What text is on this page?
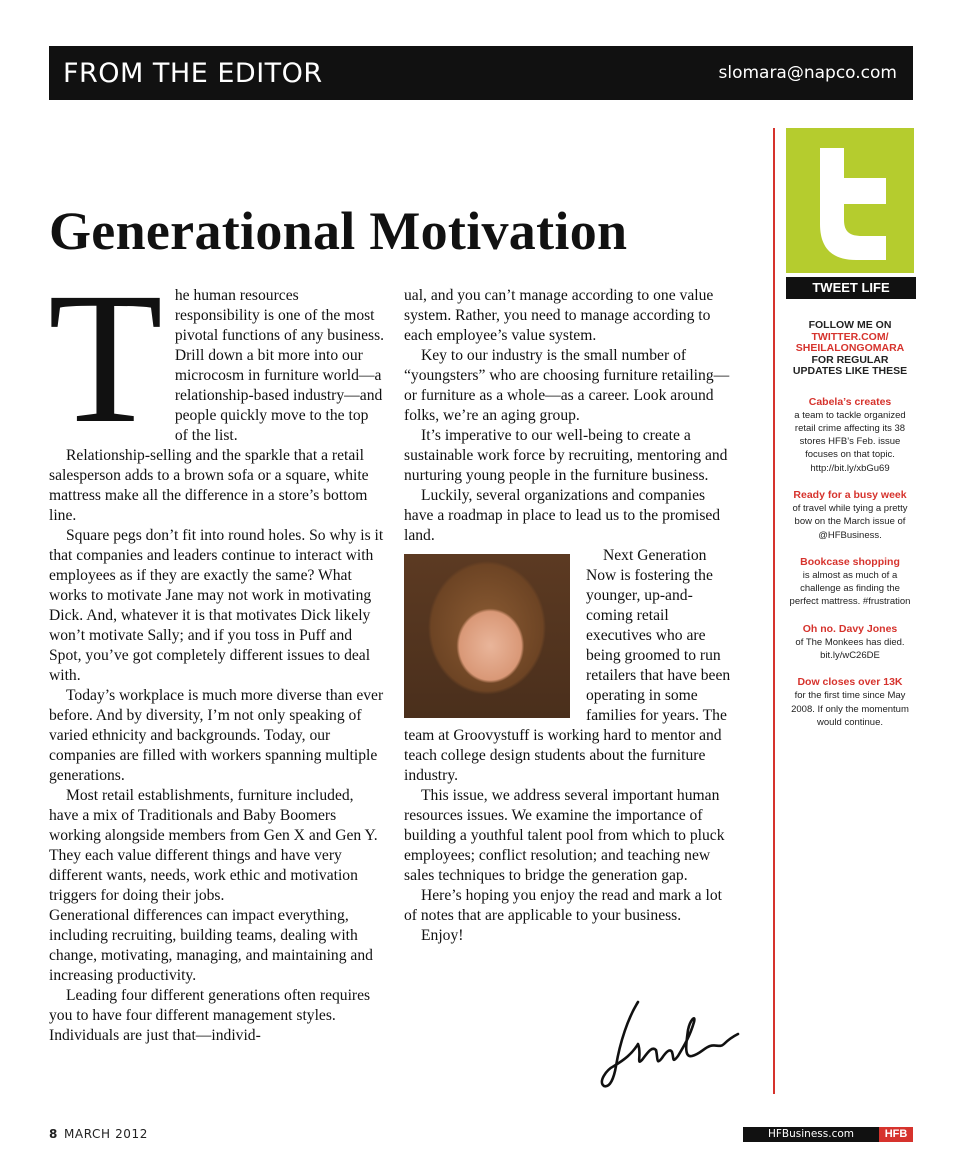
FROM THE EDITOR	slomara@napco.com
Generational Motivation
T he human resources responsibility is one of the most pivotal functions of any business. Drill down a bit more into our microcosm in furniture world—a relationship-based industry—and people quickly move to the top of the list.

Relationship-selling and the sparkle that a retail salesperson adds to a brown sofa or a square, white mattress make all the difference in a store’s bottom line.

Square pegs don’t fit into round holes. So why is it that companies and leaders continue to interact with employees as if they are exactly the same? What works to motivate Jane may not work in motivating Dick. And, whatever it is that motivates Dick likely won’t motivate Sally; and if you toss in Puff and Spot, you’ve got completely different issues to deal with.

Today’s workplace is much more diverse than ever before. And by diversity, I’m not only speaking of varied ethnicity and backgrounds. Today, our companies are filled with workers spanning multiple generations.

Most retail establishments, furniture included, have a mix of Traditionals and Baby Boomers working alongside members from Gen X and Gen Y. They each value different things and have very different wants, needs, work ethic and motivation triggers for doing their jobs.

Generational differences can impact everything, including recruiting, building teams, dealing with change, motivating, managing, and maintaining and increasing productivity.

Leading four different generations often requires you to have four different management styles. Individuals are just that—individ-

ual, and you can’t manage according to one value system. Rather, you need to manage according to each employee’s value system.

Key to our industry is the small number of “youngsters” who are choosing furniture retailing—or furniture as a whole—as a career. Look around folks, we’re an aging group.

It’s imperative to our well-being to create a sustainable work force by recruiting, mentoring and nurturing young people in the furniture business.

Luckily, several organizations and companies have a roadmap in place to lead us to the promised land.

Next Generation Now is fostering the younger, up-and-coming retail executives who are being groomed to run retailers that have been operating in some families for years. The team at Groovystuff is working hard to mentor and teach college design students about the furniture industry.

This issue, we address several important human resources issues. We examine the importance of building a youthful talent pool from which to pluck employees; conflict resolution; and teaching new sales techniques to bridge the generation gap.

Here’s hoping you enjoy the read and mark a lot of notes that are applicable to your business.

Enjoy!

TWEET LIFE
FOLLOW ME ON
TWITTER.COM/ SHEILALONGOMARA
FOR REGULAR UPDATES LIKE THESE
Cabela’s creates
a team to tackle organized retail crime affecting its 38 stores HFB’s Feb. issue focuses on that topic. http://bit.ly/xbGu69
Ready for a busy week
of travel while tying a pretty bow on the March issue of @HFBusiness.
Bookcase shopping
is almost as much of a challenge as finding the perfect mattress. #frustration
Oh no. Davy Jones
of The Monkees has died. bit.ly/wC26DE
Dow closes over 13K
for the first time since May 2008. If only the momentum would continue.
8 MARCH 2012	HFBusiness.com	HFB
